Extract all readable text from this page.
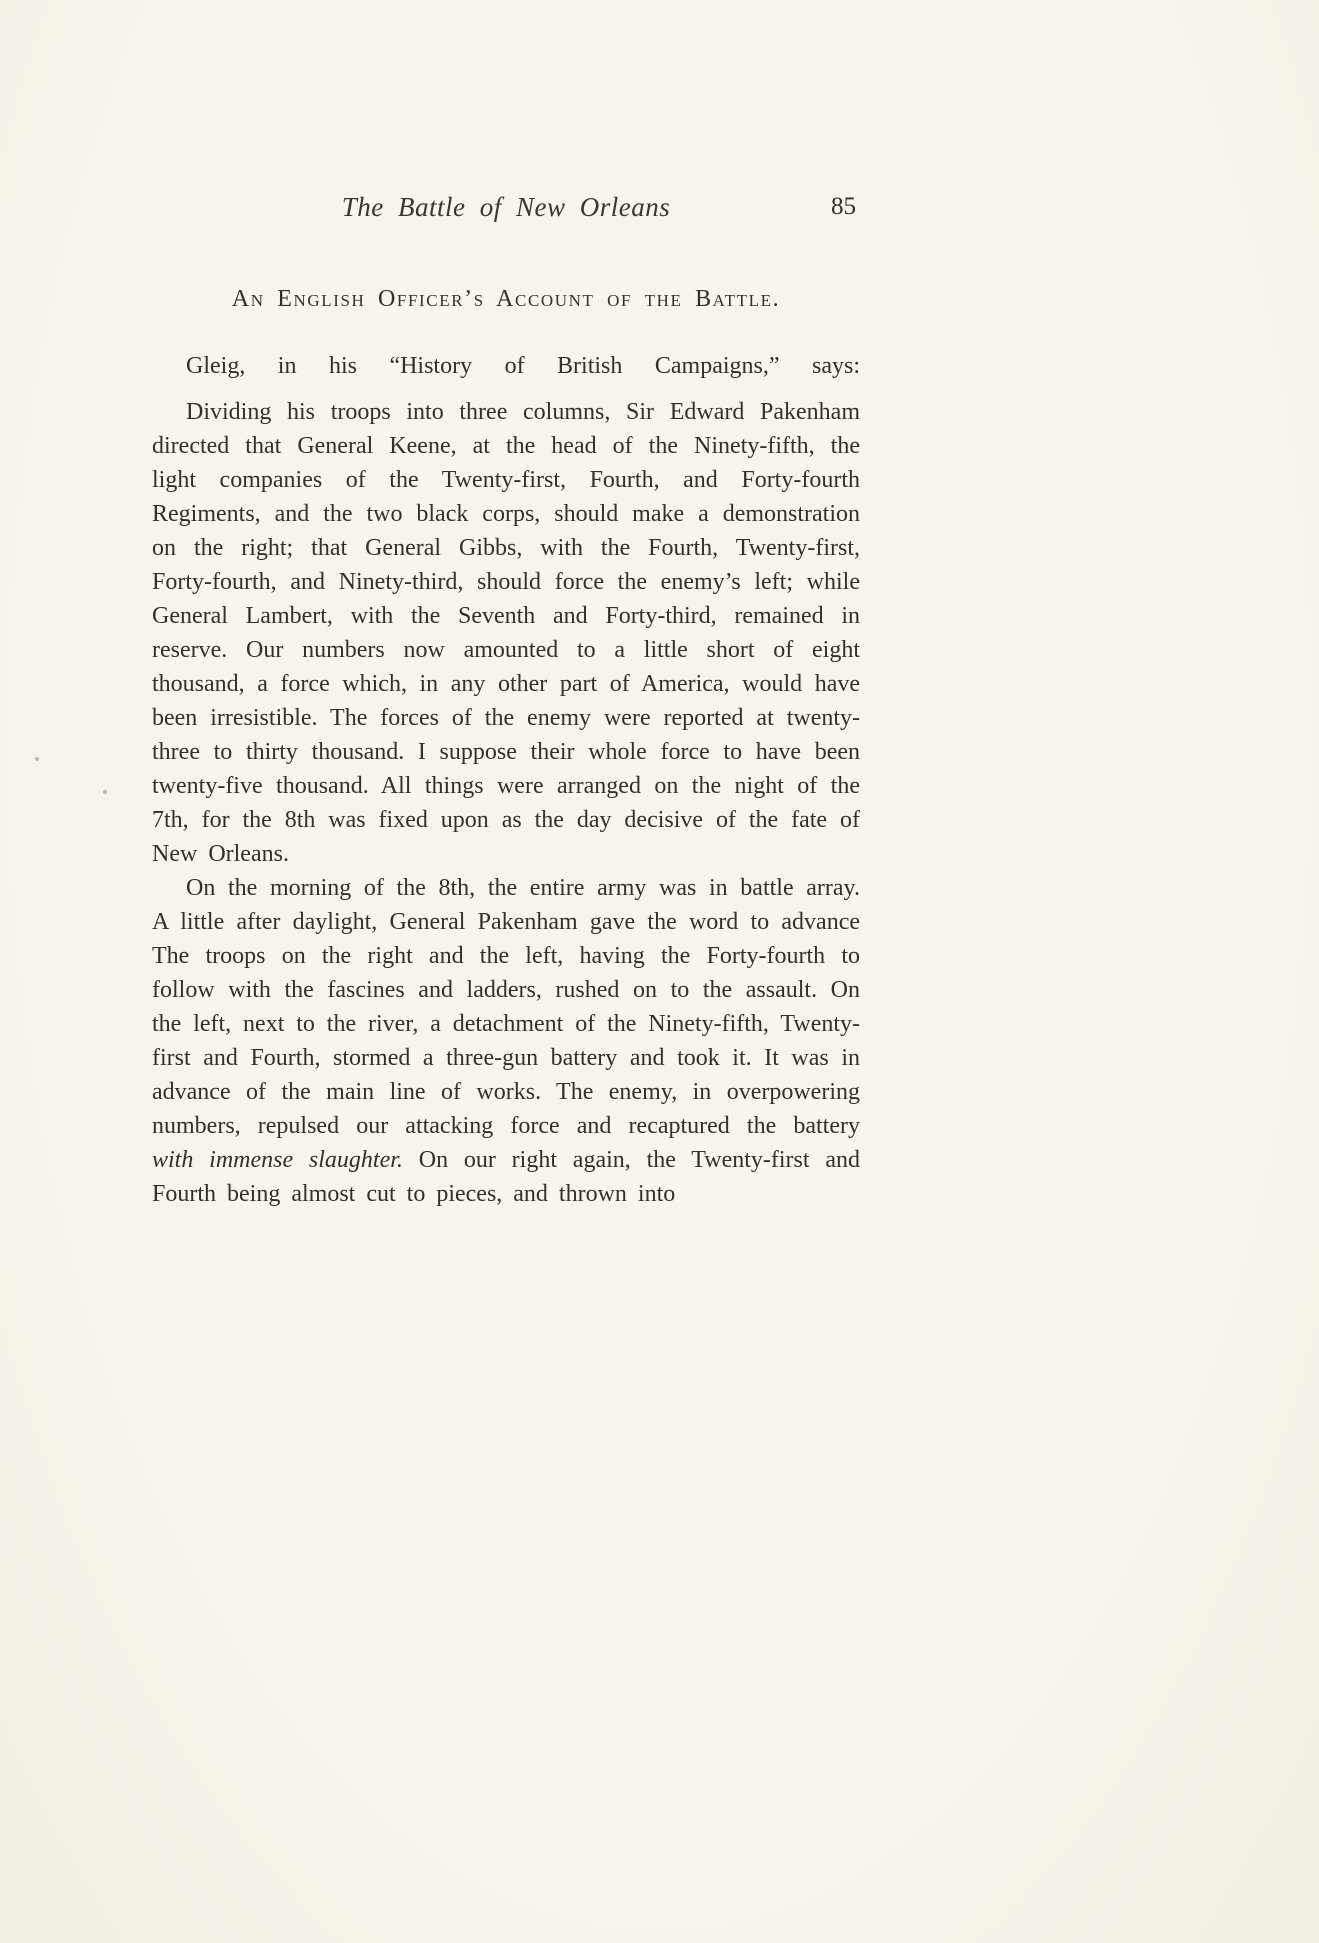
The Battle of New Orleans	85
An English Officer’s Account of the Battle.

Gleig, in his “History of British Campaigns,” says:

Dividing his troops into three columns, Sir Edward Pakenham directed that General Keene, at the head of the Ninety-fifth, the light companies of the Twenty-first, Fourth, and Forty-fourth Regiments, and the two black corps, should make a demonstration on the right; that General Gibbs, with the Fourth, Twenty-first, Forty-fourth, and Ninety-third, should force the enemy’s left; while General Lambert, with the Seventh and Forty-third, remained in reserve. Our numbers now amounted to a little short of eight thousand, a force which, in any other part of America, would have been irresistible. The forces of the enemy were reported at twenty-three to thirty thousand. I suppose their whole force to have been twenty-five thousand. All things were arranged on the night of the 7th, for the 8th was fixed upon as the day decisive of the fate of New Orleans.

On the morning of the 8th, the entire army was in battle array. A little after daylight, General Pakenham gave the word to advance The troops on the right and the left, having the Forty-fourth to follow with the fascines and ladders, rushed on to the assault. On the left, next to the river, a detachment of the Ninety-fifth, Twenty-first and Fourth, stormed a three-gun battery and took it. It was in advance of the main line of works. The enemy, in overpowering numbers, repulsed our attacking force and recaptured the battery with immense slaughter. On our right again, the Twenty-first and Fourth being almost cut to pieces, and thrown into
